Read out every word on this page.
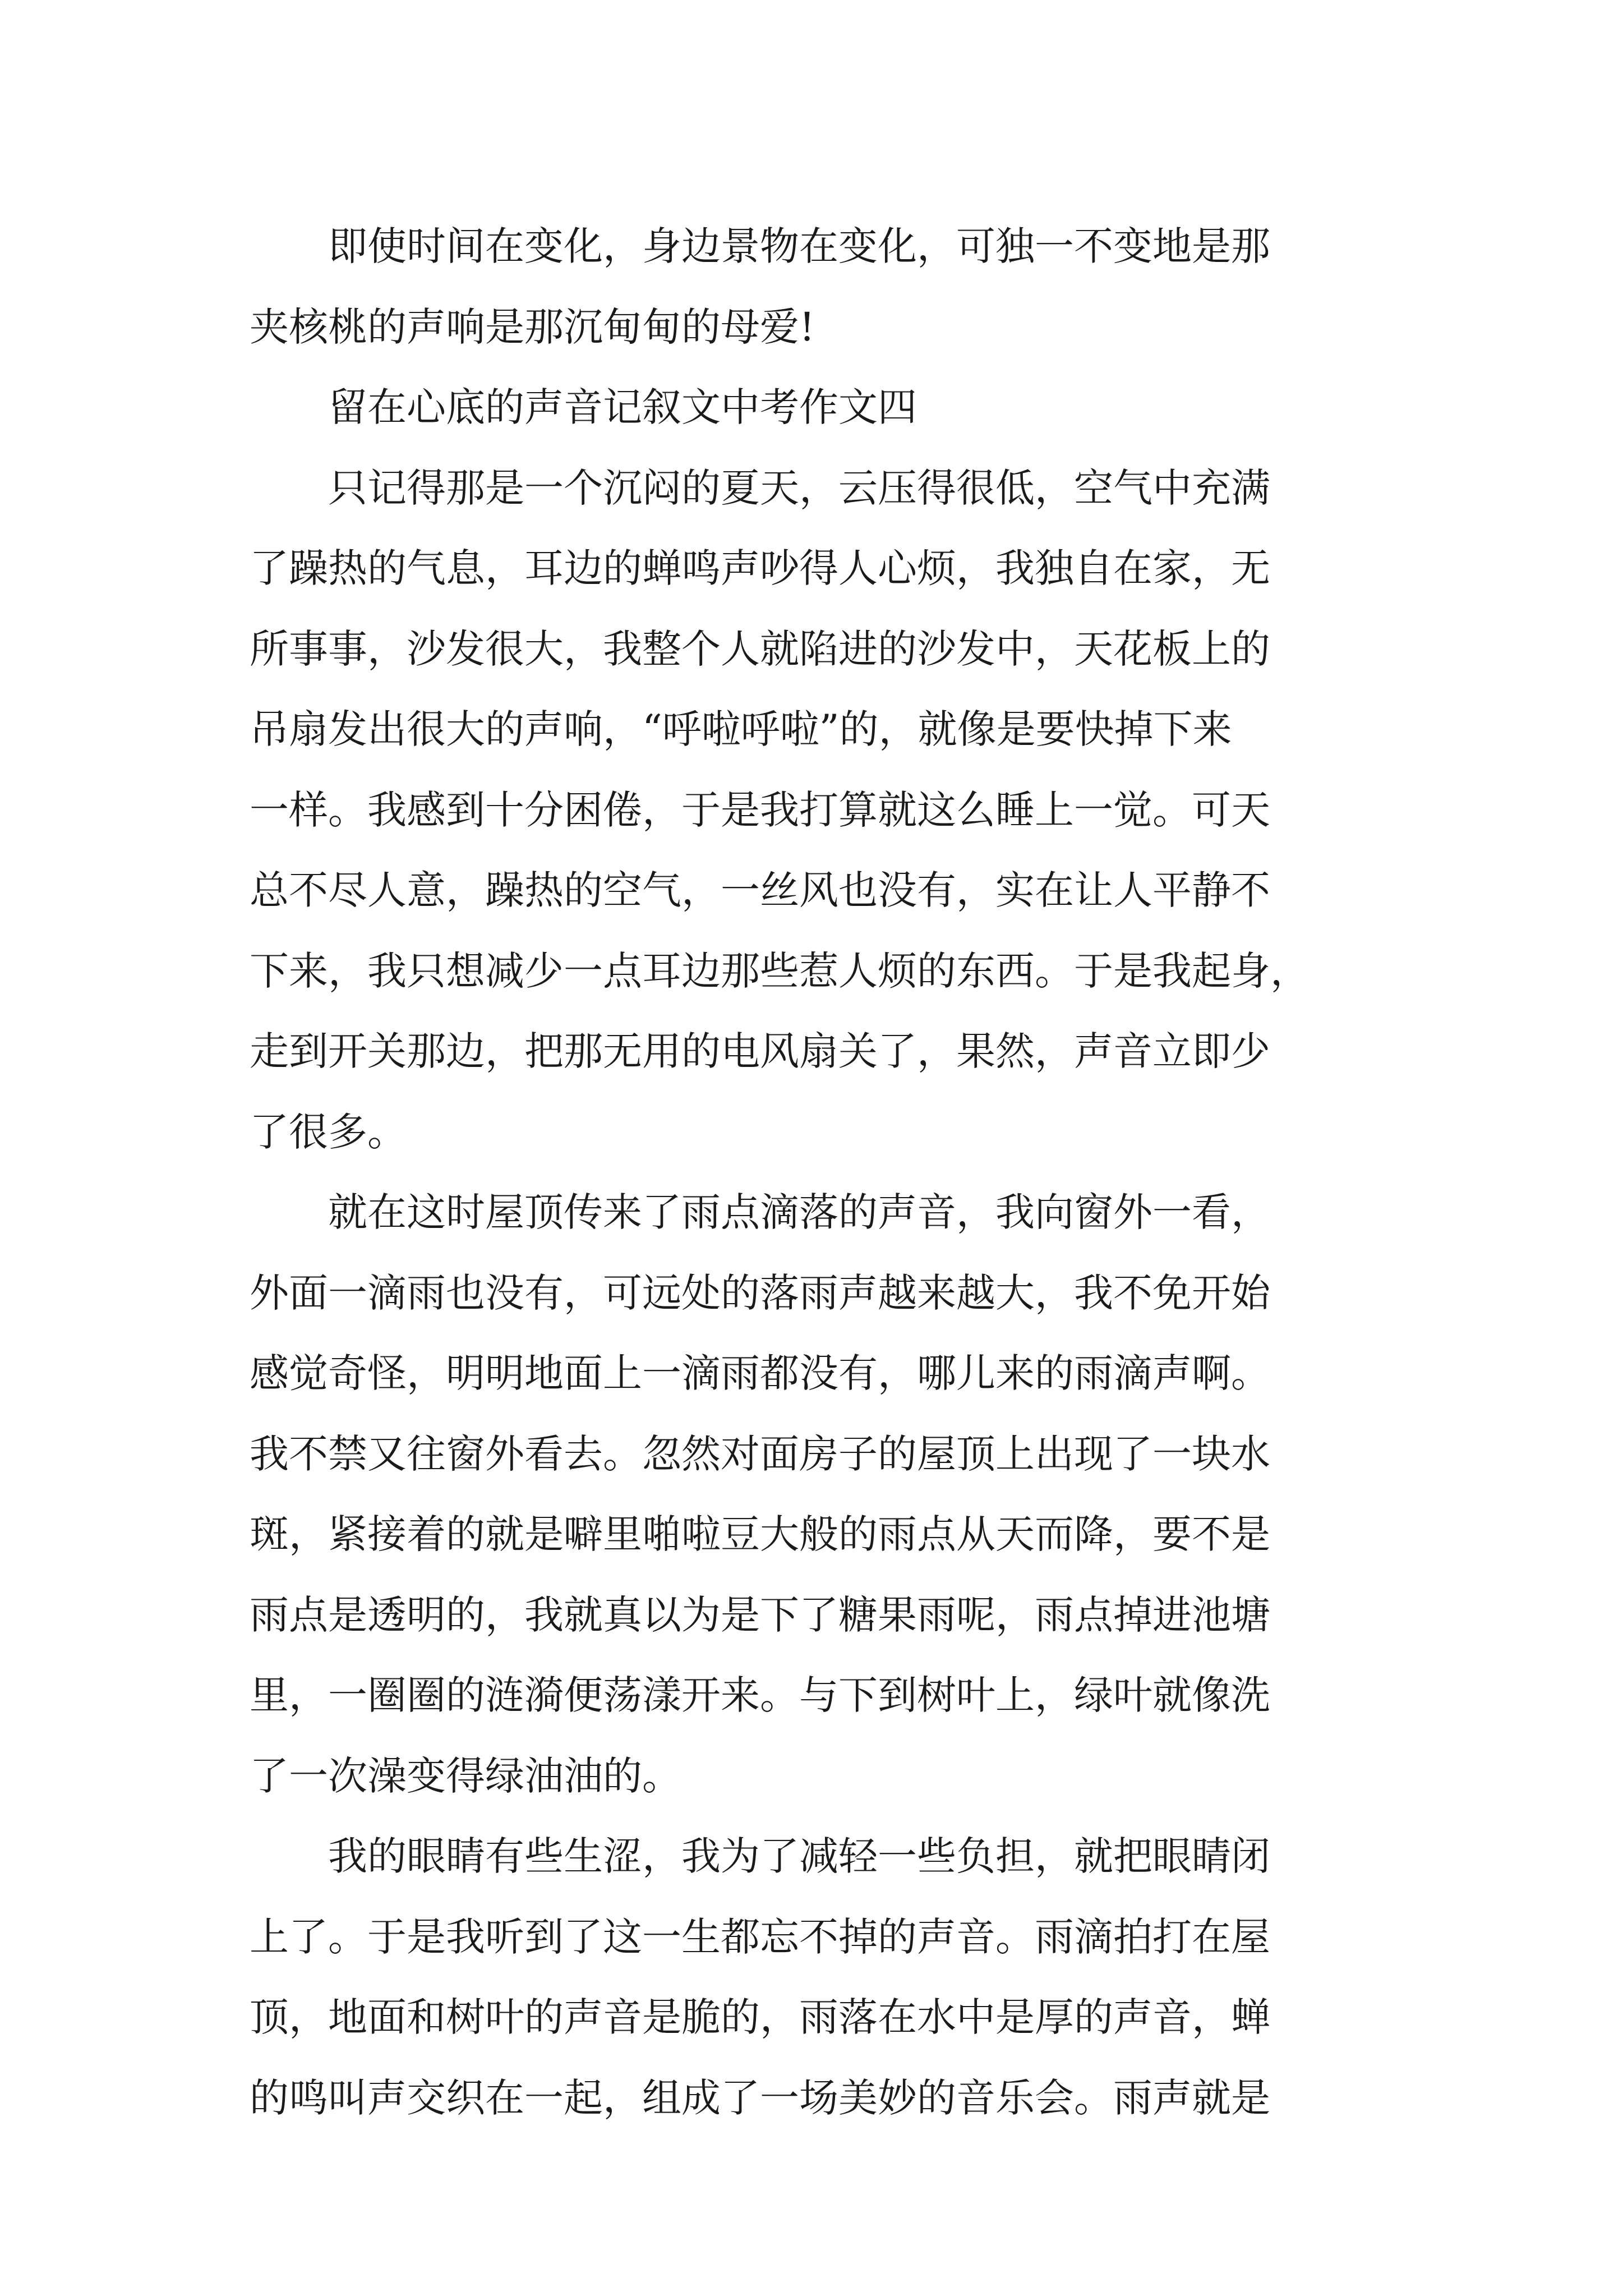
即使时间在变化，身边景物在变化，可独一不变地是那
夹核桃的声响是那沉甸甸的母爱!
留在心底的声音记叙文中考作文四
只记得那是一个沉闷的夏天，云压得很低，空气中充满
了躁热的气息，耳边的蝉鸣声吵得人心烦，我独自在家，无
所事事，沙发很大，我整个人就陷进的沙发中，天花板上的
吊扇发出很大的声响，“呼啦呼啦”的，就像是要快掉下来
一样。我感到十分困倦，于是我打算就这么睡上一觉。可天
总不尽人意，躁热的空气，一丝风也没有，实在让人平静不
下来，我只想减少一点耳边那些惹人烦的东西。于是我起身，
走到开关那边，把那无用的电风扇关了，果然，声音立即少
了很多。
就在这时屋顶传来了雨点滴落的声音，我向窗外一看，
外面一滴雨也没有，可远处的落雨声越来越大，我不免开始
感觉奇怪，明明地面上一滴雨都没有，哪儿来的雨滴声啊。
我不禁又往窗外看去。忽然对面房子的屋顶上出现了一块水
斑，紧接着的就是噼里啪啦豆大般的雨点从天而降，要不是
雨点是透明的，我就真以为是下了糖果雨呢，雨点掉进池塘
里，一圈圈的涟漪便荡漾开来。与下到树叶上，绿叶就像洗
了一次澡变得绿油油的。
我的眼睛有些生涩，我为了减轻一些负担，就把眼睛闭
上了。于是我听到了这一生都忘不掉的声音。雨滴拍打在屋
顶，地面和树叶的声音是脆的，雨落在水中是厚的声音，蝉
的鸣叫声交织在一起，组成了一场美妙的音乐会。雨声就是
